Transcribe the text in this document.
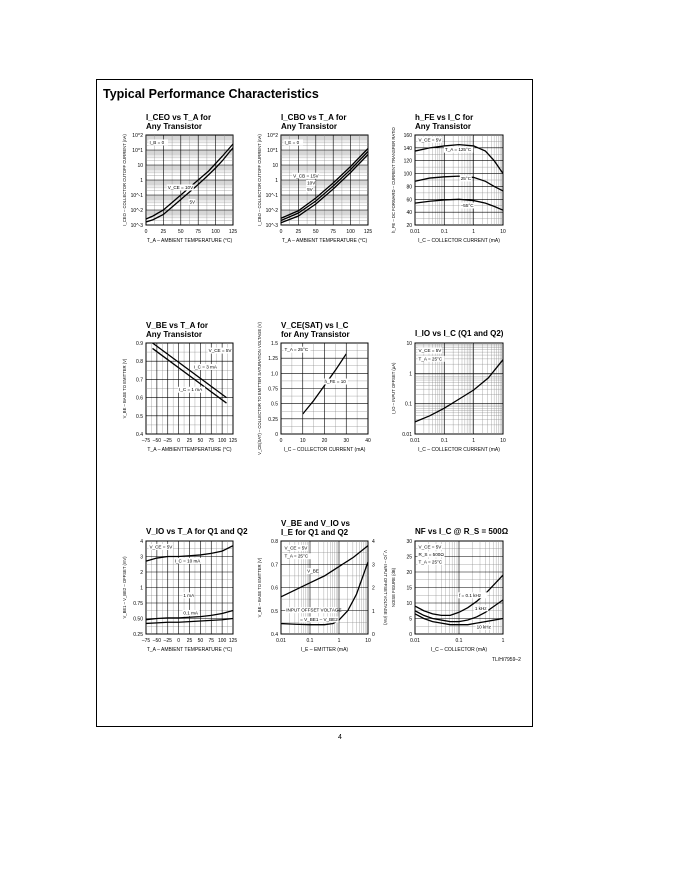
Typical Performance Characteristics
TL/H/7959–2
4
I_CEO vs T_A for
Any Transistor
0	25 50 75 100 125
10^-3
10^-2
10^-1
1
10
10^1
10^2
T_A – AMBIENT TEMPERATURE (°C)
I_CEO – COLLECTOR CUTOFF CURRENT (nA)	I_B = 0
V_CE = 10V
5V
I_CBO vs T_A for
Any Transistor
0	25 50 75 100 125
10^-3
10^-2
10^-1
1
10
10^1
10^2
T_A – AMBIENT TEMPERATURE (°C)
I_CBO – COLLECTOR CUTOFF CURRENT (nA)	I_E = 0
V_CB = 15V
10V
5V
h_FE vs I_C for
Any Transistor
0.01	0.1	1	10
20
40
60
80
100
120
140
160
I_C – COLLECTOR CURRENT (mA)
h_FE – DC FORWARD – CURRENT TRANSFER RATIO	V_CE = 5V
T_A = 125°C
25°C
–55°C
V_BE vs T_A for
Any Transistor
–75 –50 –25 0 25 50 75 100 125
0.4
0.5
0.6
0.7
0.8
0.9
T_A – AMBIENTTEMPERATURE (°C)
V_BE – BASE TO EMITTER (V)
V_CE = 5V
I_C = 3 mA
I_C = 1 mA
V_CE(SAT) vs I_C
for Any Transistor
0	10	20	30	40
0
0.25
0.5
0.75
1.0
1.25
1.5
I_C – COLLECTOR CURRENT (mA)
V_CE(SAT) – COLLECTOR TO EMITTER SATURATION VOLTAGE (V)	T_A = 25°C
h_FE = 10
I_IO vs I_C (Q1 and Q2)
0.01	0.1	1	10
0.01
0.1
1
10
I_C – COLLECTOR CURRENT (mA)
I_IO – INPUT OFFSET (µA)
V_CE = 5V
T_A = 25°C
V_IO vs T_A for Q1 and Q2
–75 –50 –25 0 25 50 75 100 125
0.25
0.50
0.75
1
2
3
4
T_A – AMBIENT TEMPERATURE (°C)
V_BE1 – V_BE2 – OFFSET (mV)
V_CE = 5V
I_C = 10 mA
1 mA
0.1 mA
V_BE and V_IO vs
I_E for Q1 and Q2
0.01	0.1	1	10
0.4
0.5
0.6
0.7
0.8
0
1
2
3
4
V_IO – INPUT OFFSET VOLTAGE (mV)
I_E – EMITTER (mA)
V_BE – BASE TO EMITTER (V)
V_CE = 5V
T_A = 25°C
V_BE
INPUT OFFSET VOLTAGE
= V_BE1 – V_BE2
NF vs I_C @ R_S = 500Ω
0.01	0.1	1
0
5
10
15
20
25
30
I_C – COLLECTOR (mA)
NOISE FIGURE (dB)
V_CE = 5V
R_S = 500Ω
T_A = 25°C
f = 0.1 kHz
1 kHz
10 kHz
